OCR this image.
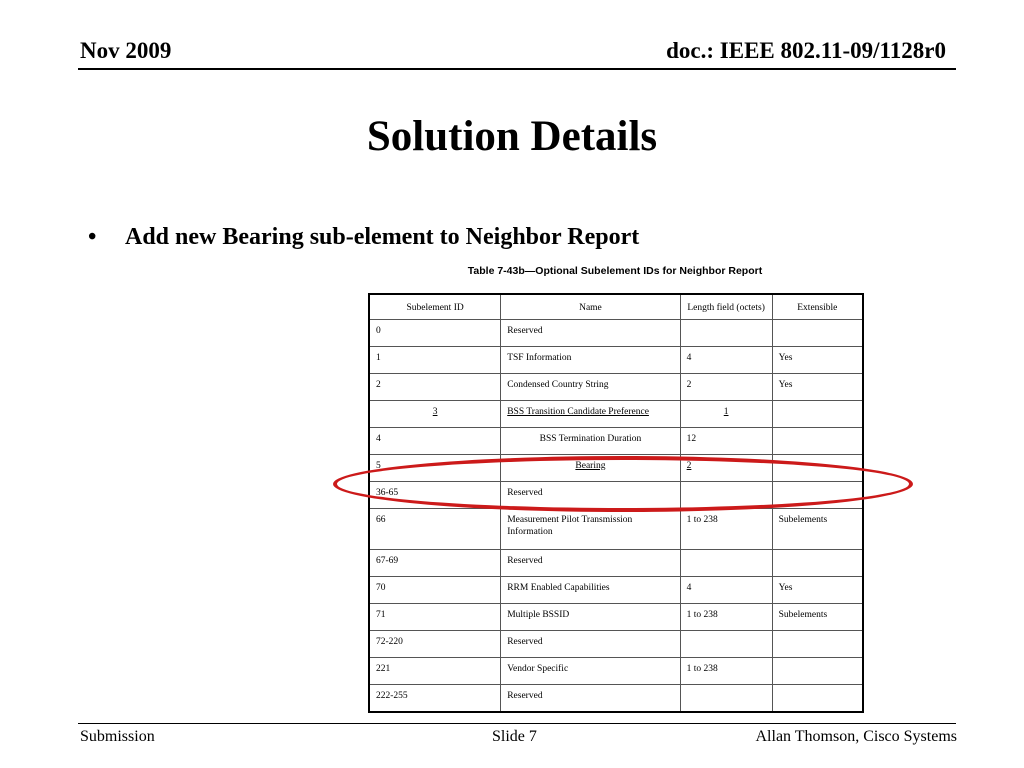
Nov 2009	doc.: IEEE 802.11-09/1128r0
Solution Details
• Add new Bearing sub-element to Neighbor Report
Table 7-43b—Optional Subelement IDs for Neighbor Report
Subelement ID	Name	Length field (octets)	Extensible
0	Reserved		
1	TSF Information	4	Yes
2	Condensed Country String	2	Yes
3	BSS Transition Candidate Preference	1	
4	BSS Termination Duration	12	
5	Bearing	2	
36-65	Reserved		
66	Measurement Pilot Transmission Information	1 to 238	Subelements
67-69	Reserved		
70	RRM Enabled Capabilities	4	Yes
71	Multiple BSSID	1 to 238	Subelements
72-220	Reserved		
221	Vendor Specific	1 to 238	
222-255	Reserved		
Submission	Slide 7	Allan Thomson, Cisco Systems
